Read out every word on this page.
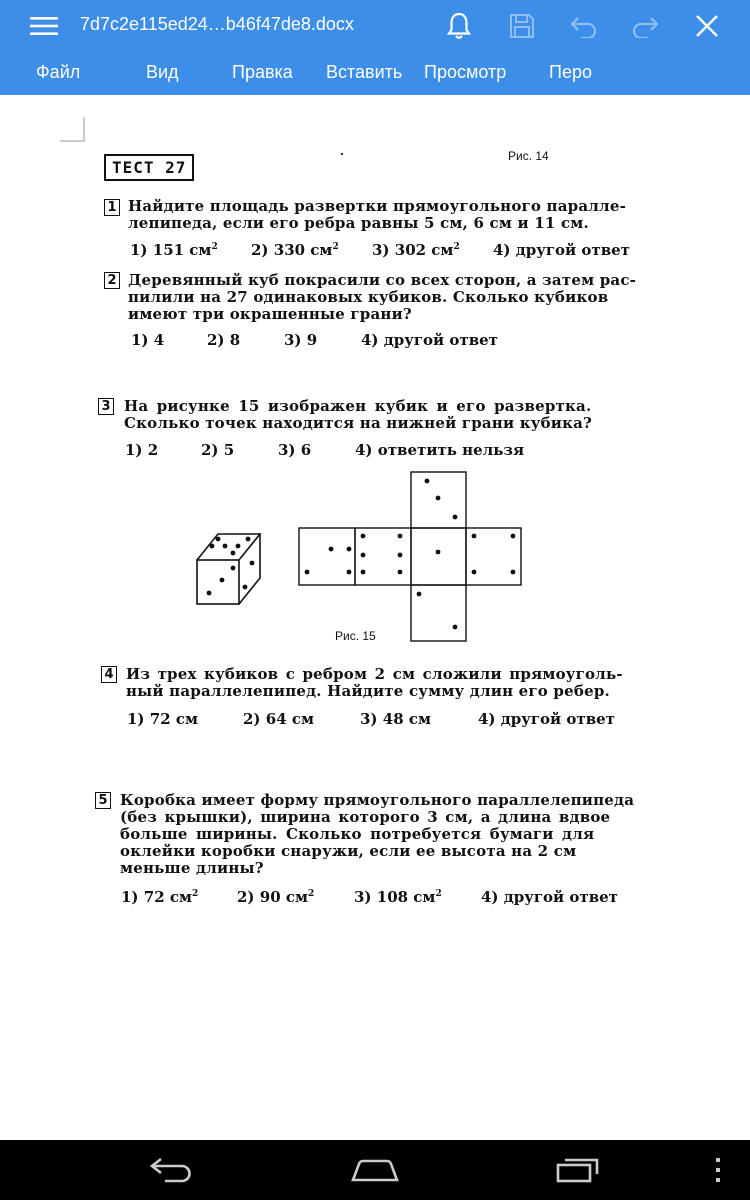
7d7c2e115ed24…b46f47de8.docx
Файл	Вид	Правка Вставить Просмотр Перо
ТЕСТ 27
Рис. 14
1 Найдите площадь развертки прямоугольного паралле-
лепипеда, если его ребра равны 5 см, 6 см и 11 см.
1) 151 $см^2$ 2) 330 $см^2$ 3) 302 $см^2$ 4) другой ответ
2 Деревянный куб покрасили со всех сторон, а затем рас-
пилили на 27 одинаковых кубиков. Сколько кубиков
имеют три окрашенные грани?
1) 4	2) 8	3) 9	4) другой ответ
3 На рисунке 15 изображен кубик и его развертка.
Сколько точек находится на нижней грани кубика?
1) 2	2) 5	3) 6	4) ответить нельзя
Рис. 15
4 Из трех кубиков с ребром 2 см сложили прямоуголь-
ный параллелепипед. Найдите сумму длин его ребер.
1) 72 см	2) 64 см	3) 48 см	4) другой ответ
5 Коробка имеет форму прямоугольного параллелепипеда
(без крышки), ширина которого 3 см, а длина вдвое
больше ширины. Сколько потребуется бумаги для
оклейки коробки снаружи, если ее высота на 2 см
меньше длины?
1) 72 $см^2$	2) 90 $см^2$	3) 108 $см^2$	4) другой ответ
